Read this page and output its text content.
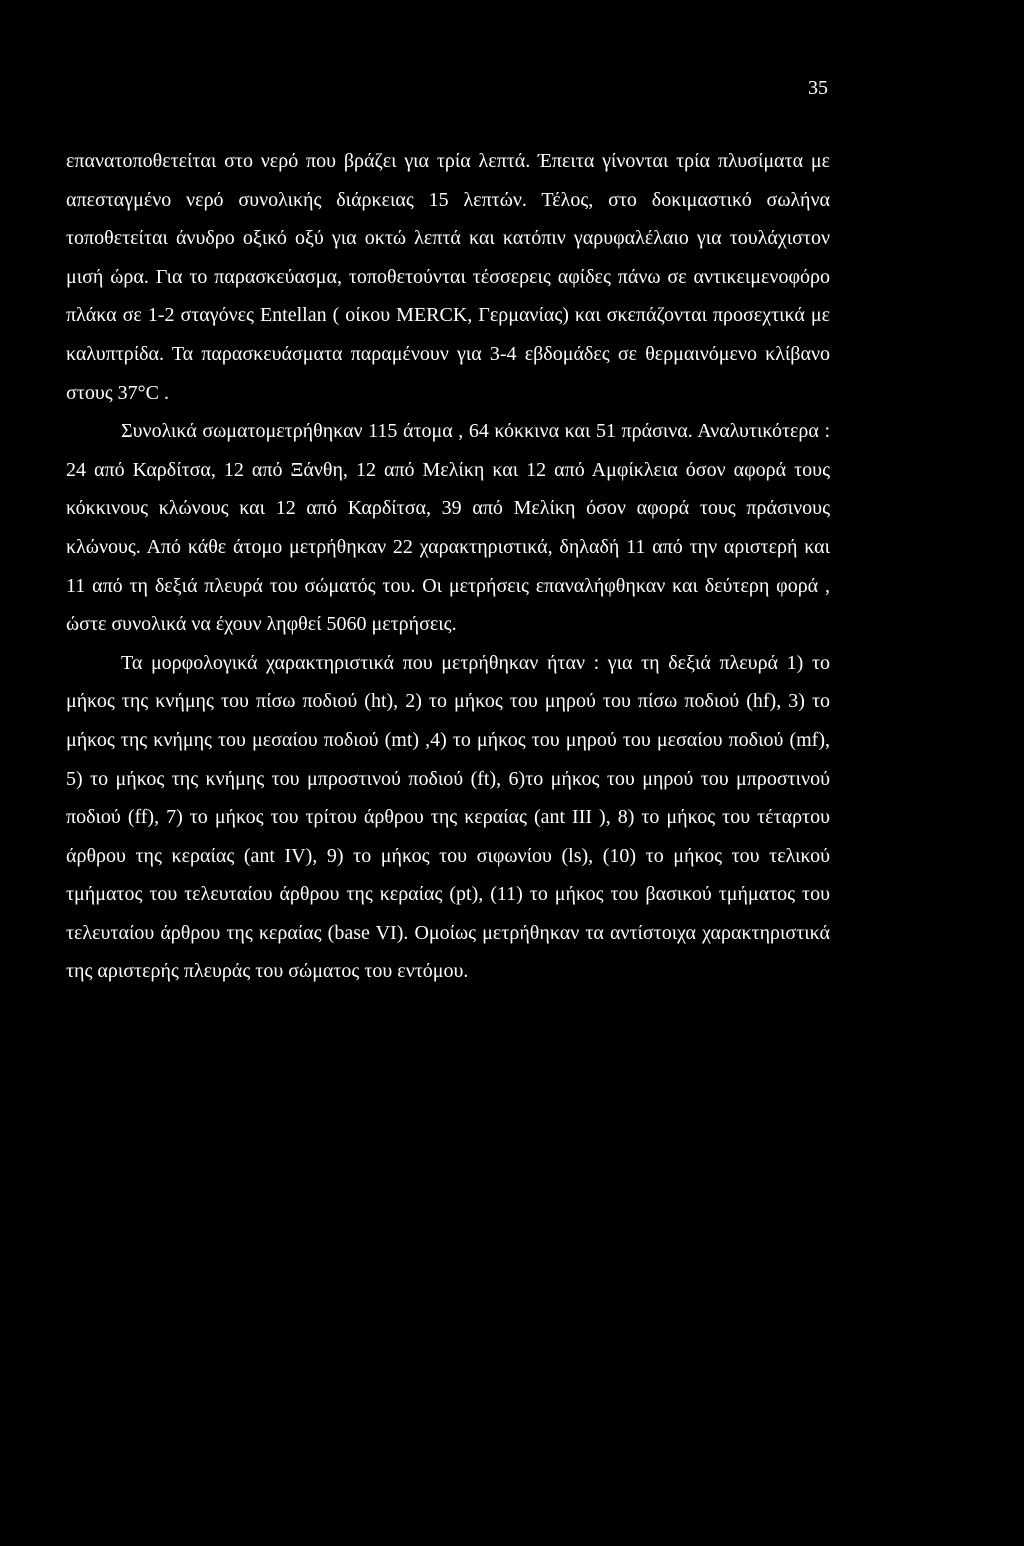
35

επανατοποθετείται στο νερό που βράζει για τρία λεπτά. Έπειτα γίνονται τρία πλυσίματα με απεσταγμένο νερό συνολικής διάρκειας 15 λεπτών. Τέλος, στο δοκιμαστικό σωλήνα τοποθετείται άνυδρο οξικό οξύ για οκτώ λεπτά και κατόπιν γαρυφαλέλαιο για τουλάχιστον μισή ώρα. Για το παρασκεύασμα, τοποθετούνται τέσσερεις αφίδες πάνω σε αντικειμενοφόρο πλάκα σε 1-2 σταγόνες Entellan ( οίκου MERCK, Γερμανίας) και σκεπάζονται προσεχτικά με καλυπτρίδα. Τα παρασκευάσματα παραμένουν για 3-4 εβδομάδες σε θερμαινόμενο κλίβανο στους 37°C .

Συνολικά σωματομετρήθηκαν 115 άτομα , 64 κόκκινα και 51 πράσινα. Αναλυτικότερα : 24 από Καρδίτσα, 12 από Ξάνθη, 12 από Μελίκη και 12 από Αμφίκλεια όσον αφορά τους κόκκινους κλώνους και 12 από Καρδίτσα, 39 από Μελίκη όσον αφορά τους πράσινους κλώνους. Από κάθε άτομο μετρήθηκαν 22 χαρακτηριστικά, δηλαδή 11 από την αριστερή και 11 από τη δεξιά πλευρά του σώματός του. Οι μετρήσεις επαναλήφθηκαν και δεύτερη φορά , ώστε συνολικά να έχουν ληφθεί 5060 μετρήσεις.

Τα μορφολογικά χαρακτηριστικά που μετρήθηκαν ήταν : για τη δεξιά πλευρά 1) το μήκος της κνήμης του πίσω ποδιού (ht), 2) το μήκος του μηρού του πίσω ποδιού (hf), 3) το μήκος της κνήμης του μεσαίου ποδιού (mt) ,4) το μήκος του μηρού του μεσαίου ποδιού (mf), 5) το μήκος της κνήμης του μπροστινού ποδιού (ft), 6)το μήκος του μηρού του μπροστινού ποδιού (ff), 7) το μήκος του τρίτου άρθρου της κεραίας (ant III ), 8) το μήκος του τέταρτου άρθρου της κεραίας (ant IV), 9) το μήκος του σιφωνίου (ls), (10) το μήκος του τελικού τμήματος του τελευταίου άρθρου της κεραίας (pt), (11) το μήκος του βασικού τμήματος του τελευταίου άρθρου της κεραίας (base VI). Ομοίως μετρήθηκαν τα αντίστοιχα χαρακτηριστικά της αριστερής πλευράς του σώματος του εντόμου.
